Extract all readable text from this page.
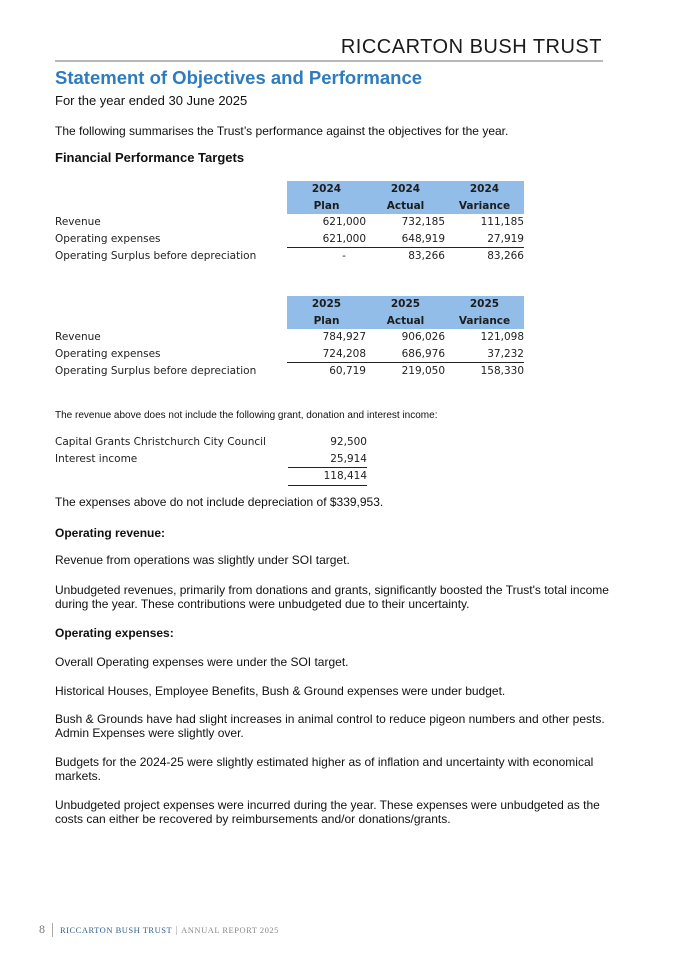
RICCARTON BUSH TRUST
Statement of Objectives and Performance
For the year ended 30 June 2025
The following summarises the Trust’s performance against the objectives for the year.
Financial Performance Targets
	2024	2024	2024
	Plan	Actual	Variance
Revenue	621,000	732,185	111,185
Operating expenses	621,000	648,919	27,919
Operating Surplus before depreciation	-	83,266	83,266
	2025	2025	2025
	Plan	Actual	Variance
Revenue	784,927	906,026	121,098
Operating expenses	724,208	686,976	37,232
Operating Surplus before depreciation	60,719	219,050	158,330
The revenue above does not include the following grant, donation and interest income:
Capital Grants Christchurch City Council	92,500
Interest income	25,914
	118,414
The expenses above do not include depreciation of $339,953.
Operating revenue:
Revenue from operations was slightly under SOI target.
Unbudgeted revenues, primarily from donations and grants, significantly boosted the Trust's total income during the year. These contributions were unbudgeted due to their uncertainty.
Operating expenses:
Overall Operating expenses were under the SOI target.
Historical Houses, Employee Benefits, Bush & Ground expenses were under budget.
Bush & Grounds have had slight increases in animal control to reduce pigeon numbers and other pests. Admin Expenses were slightly over.
Budgets for the 2024-25 were slightly estimated higher as of inflation and uncertainty with economical markets.
Unbudgeted project expenses were incurred during the year. These expenses were unbudgeted as the costs can either be recovered by reimbursements and/or donations/grants.
8 RICCARTON BUSH TRUST ANNUAL REPORT 2025
